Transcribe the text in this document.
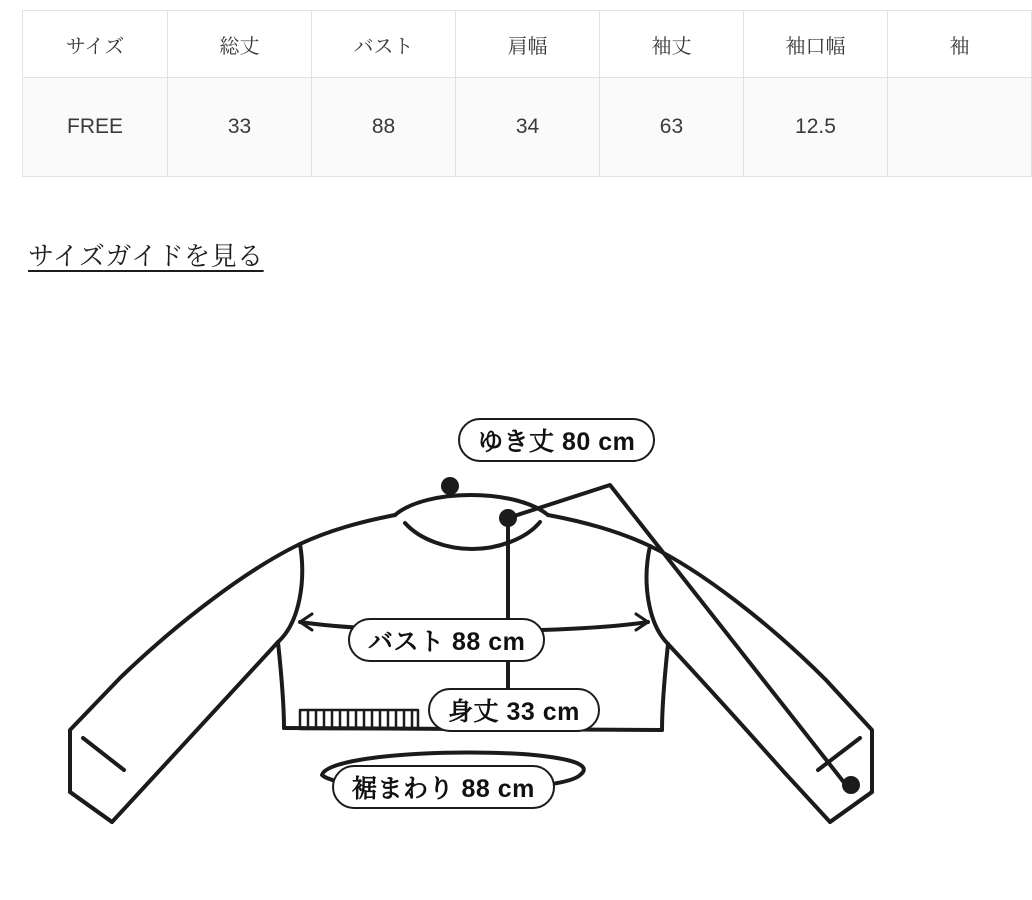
サイズ	総丈	バスト	肩幅	袖丈	袖口幅	袖
FREE	33	88	34	63	12.5	
サイズガイドを見る
ゆき丈 80 cm
バスト 88 cm
身丈 33 cm
裾まわり 88 cm
